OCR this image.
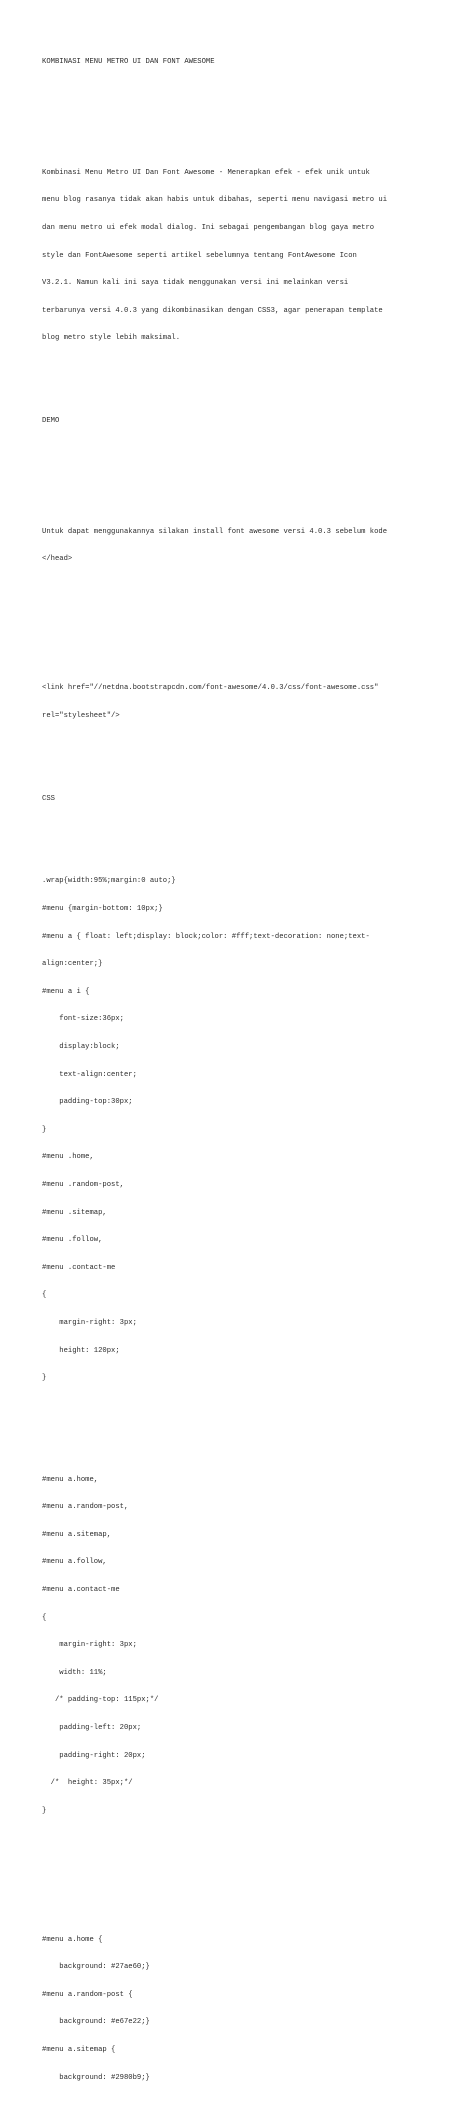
KOMBINASI MENU METRO UI DAN FONT AWESOME

Kombinasi Menu Metro UI Dan Font Awesome - Menerapkan efek - efek unik untuk

menu blog rasanya tidak akan habis untuk dibahas, seperti menu navigasi metro ui

dan menu metro ui efek modal dialog. Ini sebagai pengembangan blog gaya metro

style dan FontAwesome seperti artikel sebelumnya tentang FontAwesome Icon

V3.2.1. Namun kali ini saya tidak menggunakan versi ini melainkan versi

terbarunya versi 4.0.3 yang dikombinasikan dengan CSS3, agar penerapan template

blog metro style lebih maksimal.

DEMO

Untuk dapat menggunakannya silakan install font awesome versi 4.0.3 sebelum kode

</head>

<link href="//netdna.bootstrapcdn.com/font-awesome/4.0.3/css/font-awesome.css"

rel="stylesheet"/>

CSS

.wrap{width:95%;margin:0 auto;}

#menu {margin-bottom: 10px;}

#menu a { float: left;display: block;color: #fff;text-decoration: none;text-

align:center;}

#menu a i {

font-size:36px;

display:block;

text-align:center;

padding-top:30px;

}

#menu .home,

#menu .random-post,

#menu .sitemap,

#menu .follow,

#menu .contact-me

{

margin-right: 3px;

height: 120px;

}

#menu a.home,

#menu a.random-post,

#menu a.sitemap,

#menu a.follow,

#menu a.contact-me

{

margin-right: 3px;

width: 11%;

/* padding-top: 115px;*/

padding-left: 20px;

padding-right: 20px;

/*  height: 35px;*/

}

#menu a.home {

background: #27ae60;}

#menu a.random-post {

background: #e67e22;}

#menu a.sitemap {

background: #2980b9;}
